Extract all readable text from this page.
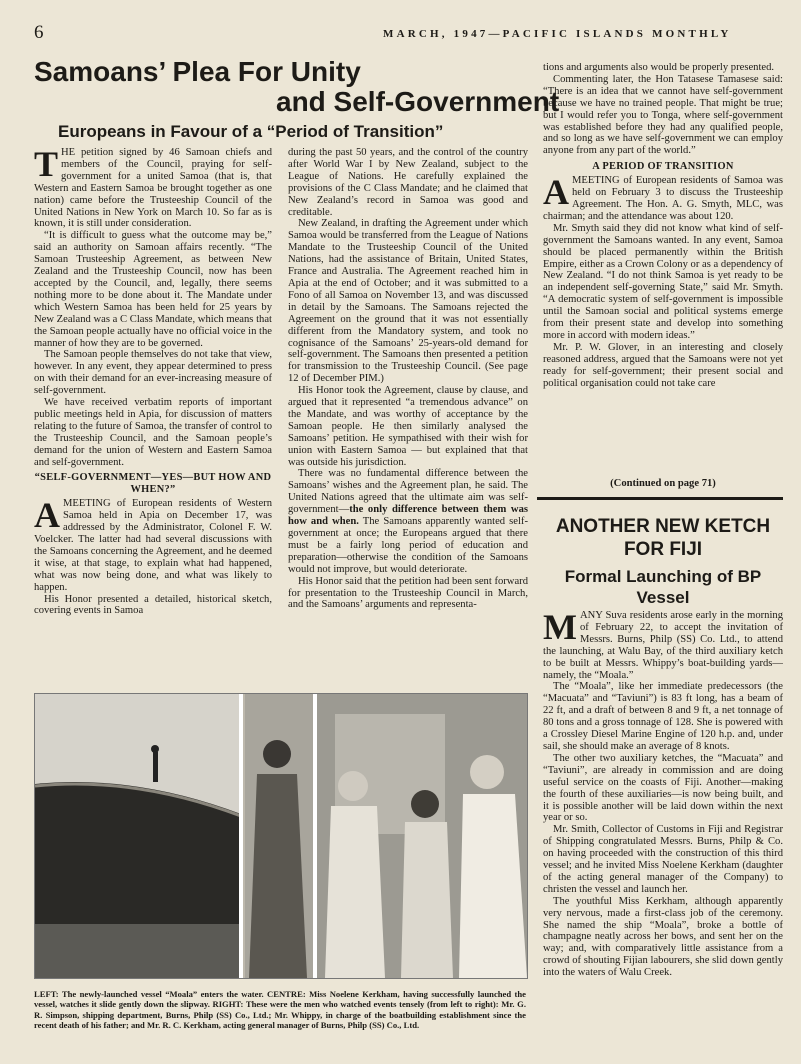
6	MARCH, 1947—PACIFIC ISLANDS MONTHLY
Samoans’ Plea For Unity
and Self-Government
Europeans in Favour of a “Period of Transition”

THE petition signed by 46 Samoan chiefs and members of the Council, praying for self-government for a united Samoa (that is, that Western and Eastern Samoa be brought together as one nation) came before the Trusteeship Council of the United Nations in New York on March 10. So far as is known, it is still under consideration.

“It is difficult to guess what the outcome may be,” said an authority on Samoan affairs recently. “The Samoan Trusteeship Agreement, as between New Zealand and the Trusteeship Council, now has been accepted by the Council, and, legally, there seems nothing more to be done about it. The Mandate under which Western Samoa has been held for 25 years by New Zealand was a C Class Mandate, which means that the Samoan people actually have no official voice in the manner of how they are to be governed.

The Samoan people themselves do not take that view, however. In any event, they appear determined to press on with their demand for an ever-increasing measure of self-government.

We have received verbatim reports of important public meetings held in Apia, for discussion of matters relating to the future of Samoa, the transfer of control to the Trusteeship Council, and the Samoan people’s demand for the union of Western and Eastern Samoa and self-government.

“SELF-GOVERNMENT—YES—BUT HOW AND WHEN?”

AMEETING of European residents of Western Samoa held in Apia on December 17, was addressed by the Administrator, Colonel F. W. Voelcker. The latter had had several discussions with the Samoans concerning the Agreement, and he deemed it wise, at that stage, to explain what had happened, what was now being done, and what was likely to happen.

His Honor presented a detailed, historical sketch, covering events in Samoa

during the past 50 years, and the control of the country after World War I by New Zealand, subject to the League of Nations. He carefully explained the provisions of the C Class Mandate; and he claimed that New Zealand’s record in Samoa was good and creditable.

New Zealand, in drafting the Agreement under which Samoa would be transferred from the League of Nations Mandate to the Trusteeship Council of the United Nations, had the assistance of Britain, United States, France and Australia. The Agreement reached him in Apia at the end of October; and it was submitted to a Fono of all Samoa on November 13, and was discussed in detail by the Samoans. The Samoans rejected the Agreement on the ground that it was not essentially different from the Mandatory system, and took no cognisance of the Samoans’ 25-years-old demand for self-government. The Samoans then presented a petition for transmission to the Trusteeship Council. (See page 12 of December PIM.)

His Honor took the Agreement, clause by clause, and argued that it represented “a tremendous advance” on the Mandate, and was worthy of acceptance by the Samoan people. He then similarly analysed the Samoans’ petition. He sympathised with their wish for union with Eastern Samoa — but explained that that was outside his jurisdiction.

There was no fundamental difference between the Samoans’ wishes and the Agreement plan, he said. The United Nations agreed that the ultimate aim was self-government—the only difference between them was how and when. The Samoans apparently wanted self-government at once; the Europeans argued that there must be a fairly long period of education and preparation—otherwise the condition of the Samoans would not improve, but would deteriorate.

His Honor said that the petition had been sent forward for presentation to the Trusteeship Council in March, and the Samoans’ arguments and representa-

tions and arguments also would be properly presented.

Commenting later, the Hon Tatasese Tamasese said: “There is an idea that we cannot have self-government because we have no trained people. That might be true; but I would refer you to Tonga, where self-government was established before they had any qualified people, and so long as we have self-government we can employ anyone from any part of the world.”

A PERIOD OF TRANSITION

AMEETING of European residents of Samoa was held on February 3 to discuss the Trusteeship Agreement. The Hon. A. G. Smyth, MLC, was chairman; and the attendance was about 120.

Mr. Smyth said they did not know what kind of self-government the Samoans wanted. In any event, Samoa should be placed permanently within the British Empire, either as a Crown Colony or as a dependency of New Zealand. “I do not think Samoa is yet ready to be an independent self-governing State,” said Mr. Smyth. “A democratic system of self-government is impossible until the Samoan social and political systems emerge from their present state and develop into something more in accord with modern ideas.”

Mr. P. W. Glover, in an interesting and closely reasoned address, argued that the Samoans were not yet ready for self-government; their present social and political organisation could not take care

(Continued on page 71)
ANOTHER NEW KETCH
FOR FIJI
Formal Launching of BP
Vessel

MANY Suva residents arose early in the morning of February 22, to accept the invitation of Messrs. Burns, Philp (SS) Co. Ltd., to attend the launching, at Walu Bay, of the third auxiliary ketch to be built at Messrs. Whippy’s boat-building yards—namely, the “Moala.”

The “Moala”, like her immediate predecessors (the “Macuata” and “Taviuni”) is 83 ft long, has a beam of 22 ft, and a draft of between 8 and 9 ft, a net tonnage of 80 tons and a gross tonnage of 128. She is powered with a Crossley Diesel Marine Engine of 120 h.p. and, under sail, she should make an average of 8 knots.

The other two auxiliary ketches, the “Macuata” and “Taviuni”, are already in commission and are doing useful service on the coasts of Fiji. Another—making the fourth of these auxiliaries—is now being built, and it is possible another will be laid down within the next year or so.

Mr. Smith, Collector of Customs in Fiji and Registrar of Shipping congratulated Messrs. Burns, Philp & Co. on having proceeded with the construction of this third vessel; and he invited Miss Noelene Kerkham (daughter of the acting general manager of the Company) to christen the vessel and launch her.

The youthful Miss Kerkham, although apparently very nervous, made a first-class job of the ceremony. She named the ship “Moala”, broke a bottle of champagne neatly across her bows, and sent her on the way; and, with comparatively little assistance from a crowd of shouting Fijian labourers, she slid down gently into the waters of Walu Creek.

LEFT: The newly-launched vessel “Moala” enters the water. CENTRE: Miss Noelene Kerkham, having successfully launched the vessel, watches it slide gently down the slipway. RIGHT: These were the men who watched events tensely (from left to right): Mr. G. R. Simpson, shipping department, Burns, Philp (SS) Co., Ltd.; Mr. Whippy, in charge of the boatbuilding establishment since the recent death of his father; and Mr. R. C. Kerkham, acting general manager of Burns, Philp (SS) Co., Ltd.
